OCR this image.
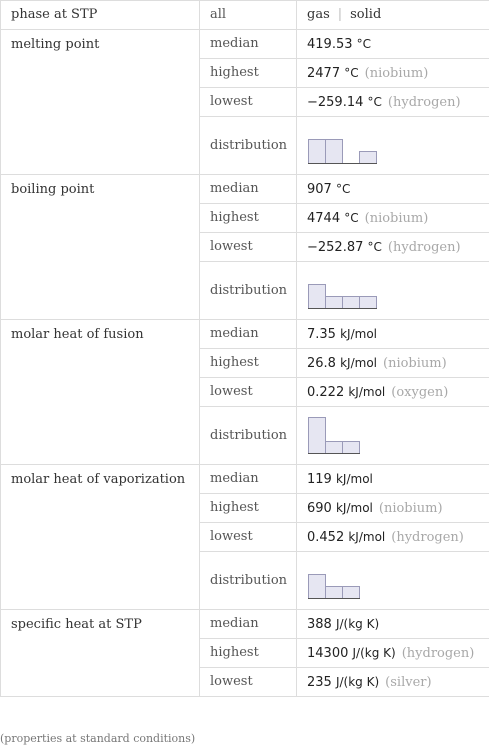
phase at STP	all	gas | solid
melting point	median	419.53 °C
	highest	2477 °C (niobium)
	lowest	−259.14 °C (hydrogen)
	distribution	

boiling point	median	907 °C
	highest	4744 °C (niobium)
	lowest	−252.87 °C (hydrogen)
	distribution	

molar heat of fusion	median	7.35 kJ/mol
	highest	26.8 kJ/mol (niobium)
	lowest	0.222 kJ/mol (oxygen)
	distribution	

molar heat of vaporization	median	119 kJ/mol
	highest	690 kJ/mol (niobium)
	lowest	0.452 kJ/mol (hydrogen)
	distribution	

specific heat at STP	median	388 J/(kg K)
	highest	14300 J/(kg K) (hydrogen)
	lowest	235 J/(kg K) (silver)
(properties at standard conditions)
